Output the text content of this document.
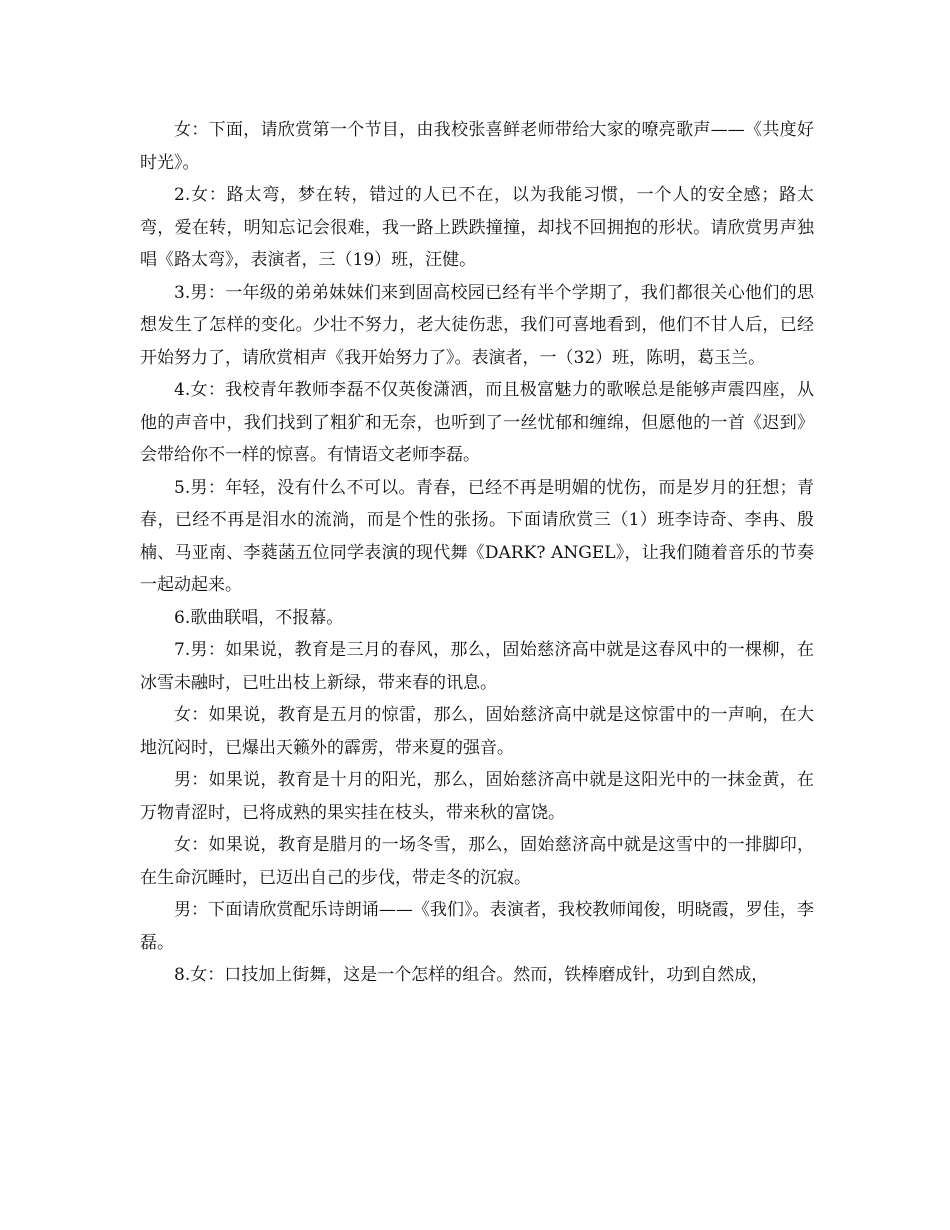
女：下面，请欣赏第一个节目，由我校张喜鲜老师带给大家的嘹亮歌声——《共度好时光》。

2.女：路太弯，梦在转，错过的人已不在，以为我能习惯，一个人的安全感；路太弯，爱在转，明知忘记会很难，我一路上跌跌撞撞，却找不回拥抱的形状。请欣赏男声独唱《路太弯》，表演者，三（19）班，汪健。

3.男：一年级的弟弟妹妹们来到固高校园已经有半个学期了，我们都很关心他们的思想发生了怎样的变化。少壮不努力，老大徒伤悲，我们可喜地看到，他们不甘人后，已经开始努力了，请欣赏相声《我开始努力了》。表演者，一（32）班，陈明，葛玉兰。

4.女：我校青年教师李磊不仅英俊潇洒，而且极富魅力的歌喉总是能够声震四座，从他的声音中，我们找到了粗犷和无奈，也听到了一丝忧郁和缠绵，但愿他的一首《迟到》会带给你不一样的惊喜。有情语文老师李磊。

5.男：年轻，没有什么不可以。青春，已经不再是明媚的忧伤，而是岁月的狂想；青春，已经不再是泪水的流淌，而是个性的张扬。下面请欣赏三（1）班李诗奇、李冉、殷楠、马亚南、李蕤菡五位同学表演的现代舞《DARK? ANGEL》，让我们随着音乐的节奏一起动起来。

6.歌曲联唱，不报幕。

7.男：如果说，教育是三月的春风，那么，固始慈济高中就是这春风中的一棵柳，在冰雪未融时，已吐出枝上新绿，带来春的讯息。

女：如果说，教育是五月的惊雷，那么，固始慈济高中就是这惊雷中的一声响，在大地沉闷时，已爆出天籁外的霹雳，带来夏的强音。

男：如果说，教育是十月的阳光，那么，固始慈济高中就是这阳光中的一抹金黄，在万物青涩时，已将成熟的果实挂在枝头，带来秋的富饶。

女：如果说，教育是腊月的一场冬雪，那么，固始慈济高中就是这雪中的一排脚印，在生命沉睡时，已迈出自己的步伐，带走冬的沉寂。

男：下面请欣赏配乐诗朗诵——《我们》。表演者，我校教师闻俊，明晓霞，罗佳，李磊。

8.女：口技加上街舞，这是一个怎样的组合。然而，铁棒磨成针，功到自然成，
